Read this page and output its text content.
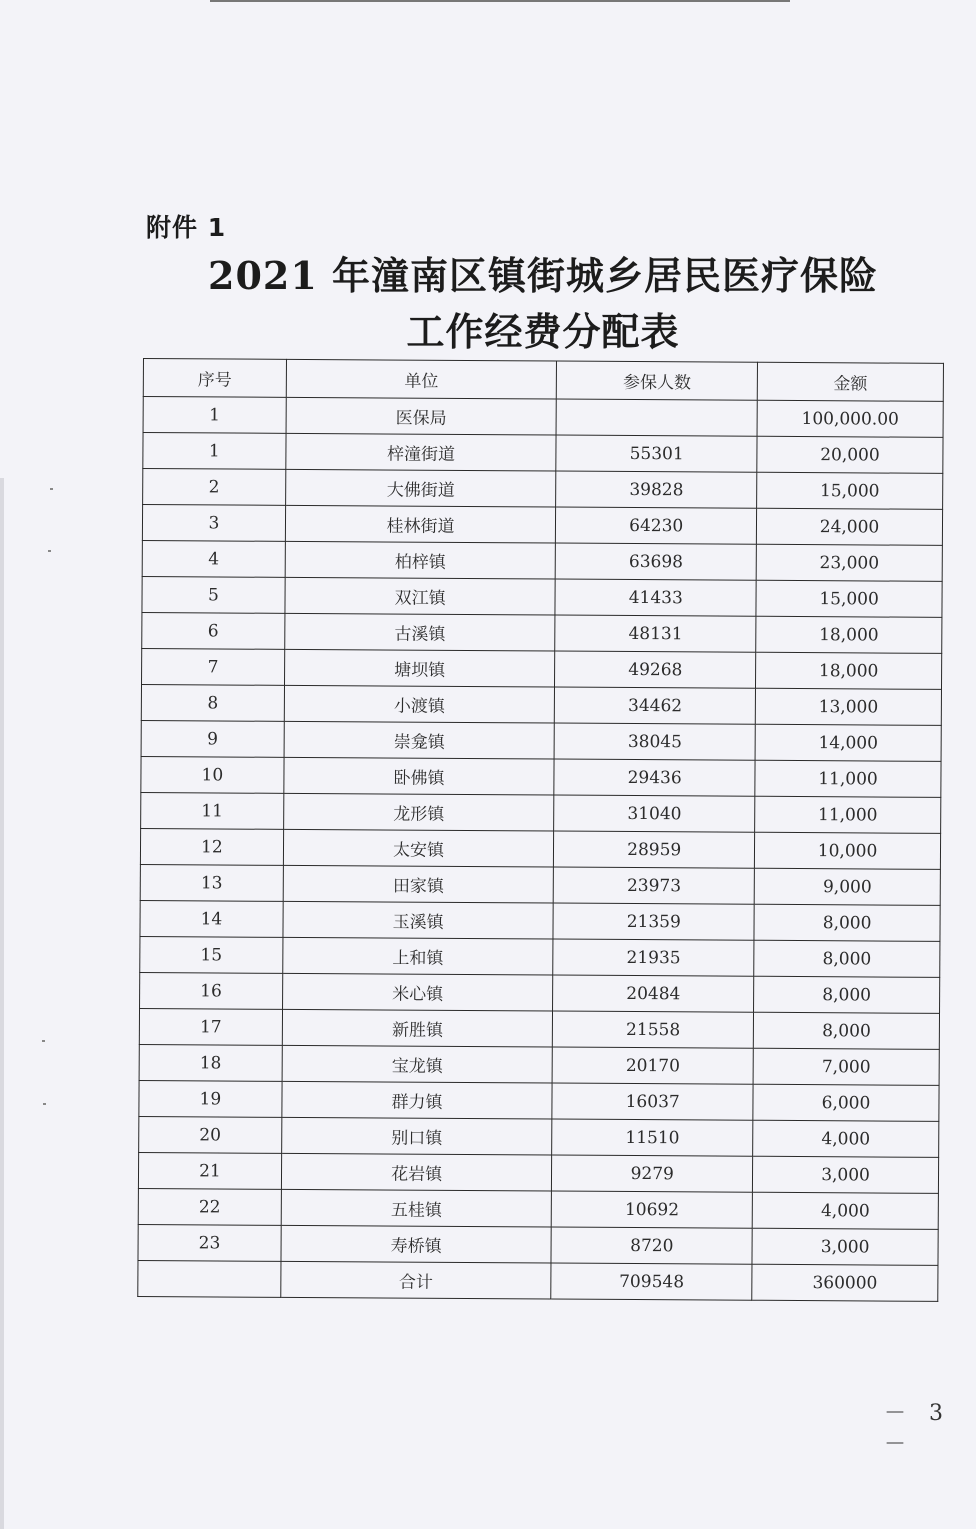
附件 1
2021 年潼南区镇街城乡居民医疗保险
工作经费分配表
序号	单位	参保人数	金额
1	医保局		100,000.00
1	梓潼街道	55301	20,000
2	大佛街道	39828	15,000
3	桂林街道	64230	24,000
4	柏梓镇	63698	23,000
5	双江镇	41433	15,000
6	古溪镇	48131	18,000
7	塘坝镇	49268	18,000
8	小渡镇	34462	13,000
9	崇龛镇	38045	14,000
10	卧佛镇	29436	11,000
11	龙形镇	31040	11,000
12	太安镇	28959	10,000
13	田家镇	23973	9,000
14	玉溪镇	21359	8,000
15	上和镇	21935	8,000
16	米心镇	20484	8,000
17	新胜镇	21558	8,000
18	宝龙镇	20170	7,000
19	群力镇	16037	6,000
20	别口镇	11510	4,000
21	花岩镇	9279	3,000
22	五桂镇	10692	4,000
23	寿桥镇	8720	3,000
	合计	709548	360000
－ 3 －
